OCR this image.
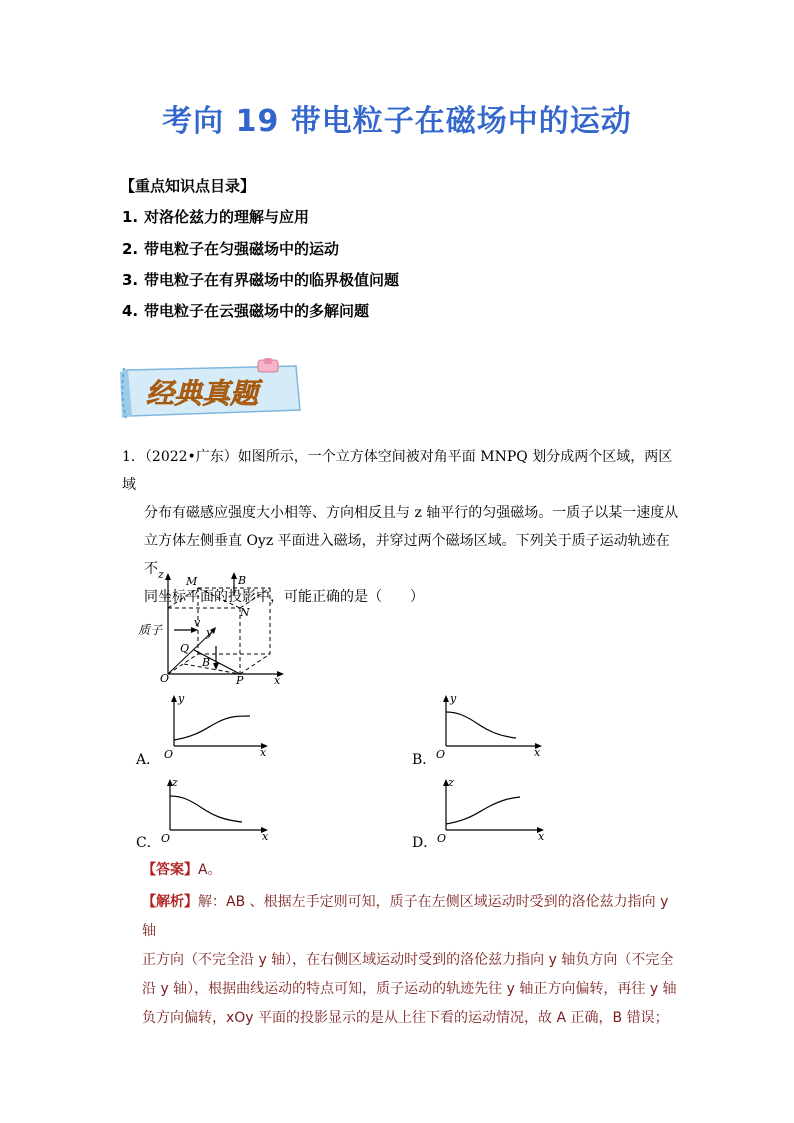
考向 19 带电粒子在磁场中的运动
【重点知识点目录】
1. 对洛伦兹力的理解与应用
2. 带电粒子在匀强磁场中的运动
3. 带电粒子在有界磁场中的临界极值问题
4. 带电粒子在云强磁场中的多解问题
经典真题
1．（2022•广东）如图所示，一个立方体空间被对角平面 MNPQ 划分成两个区域，两区域
分布有磁感应强度大小相等、方向相反且与 z 轴平行的匀强磁场。一质子以某一速度从
立方体左侧垂直 Oyz 平面进入磁场，并穿过两个磁场区域。下列关于质子运动轨迹在不
同坐标平面的投影中，可能正确的是（　　）
z
M	B
N
v
y
质子
Q
B
O	P	x
A．
y
x
O	B．
y
x
O
C．
z
x
O	D．
z
x
O
【答案】A。
【解析】解：AB 、根据左手定则可知，质子在左侧区域运动时受到的洛伦兹力指向 y 轴
正方向（不完全沿 y 轴），在右侧区域运动时受到的洛伦兹力指向 y 轴负方向（不完全
沿 y 轴），根据曲线运动的特点可知，质子运动的轨迹先往 y 轴正方向偏转，再往 y 轴
负方向偏转，xOy 平面的投影显示的是从上往下看的运动情况，故 A 正确，B 错误；
